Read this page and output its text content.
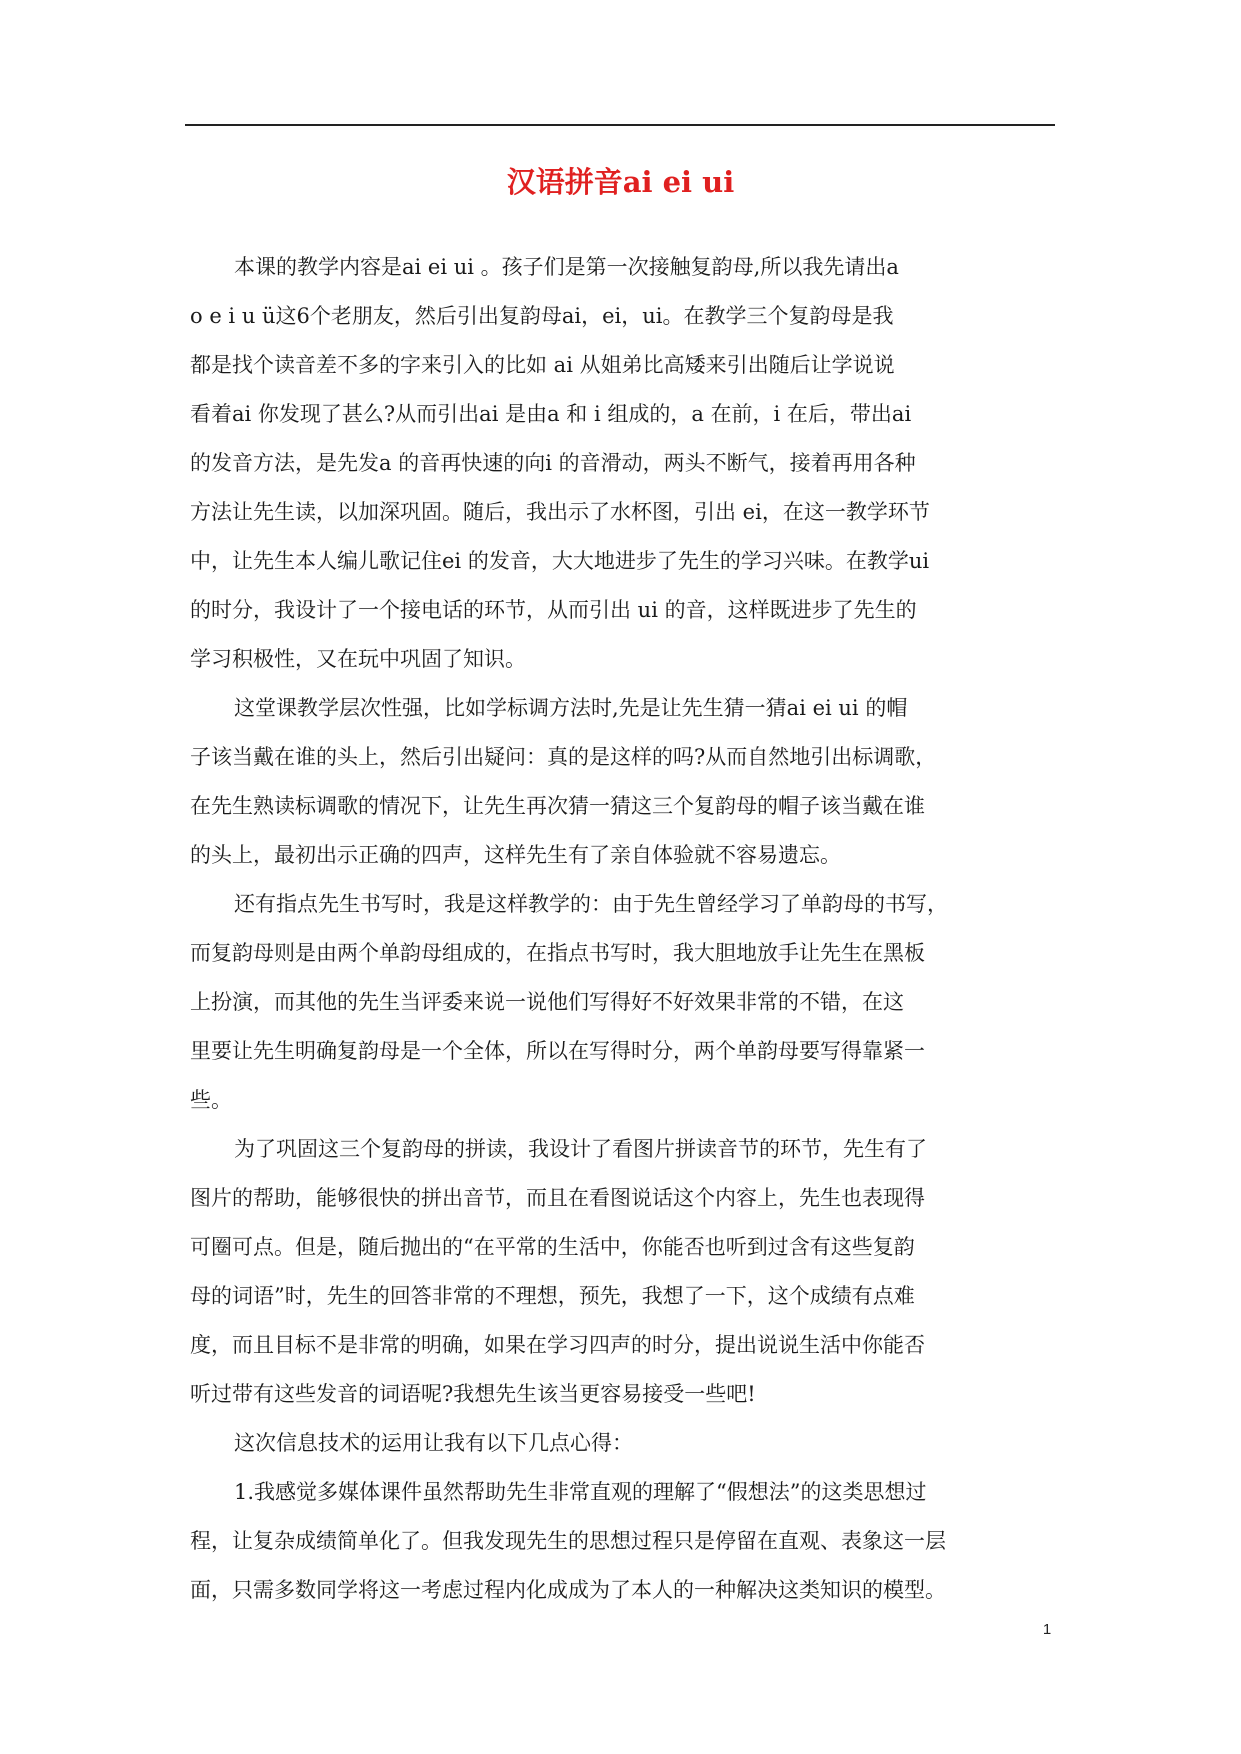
汉语拼音ai ei ui
本课的教学内容是ai ei ui 。孩子们是第一次接触复韵母,所以我先请出a
o e i u ü这6个老朋友，然后引出复韵母ai，ei，ui。在教学三个复韵母是我
都是找个读音差不多的字来引入的比如 ai 从姐弟比高矮来引出随后让学说说
看着ai 你发现了甚么?从而引出ai 是由a 和 i 组成的，a 在前，i 在后，带出ai
的发音方法，是先发a 的音再快速的向i 的音滑动，两头不断气，接着再用各种
方法让先生读，以加深巩固。随后，我出示了水杯图，引出 ei，在这一教学环节
中，让先生本人编儿歌记住ei 的发音，大大地进步了先生的学习兴味。在教学ui
的时分，我设计了一个接电话的环节，从而引出 ui 的音，这样既进步了先生的
学习积极性，又在玩中巩固了知识。
这堂课教学层次性强，比如学标调方法时,先是让先生猜一猜ai ei ui 的帽
子该当戴在谁的头上，然后引出疑问：真的是这样的吗?从而自然地引出标调歌，
在先生熟读标调歌的情况下，让先生再次猜一猜这三个复韵母的帽子该当戴在谁
的头上，最初出示正确的四声，这样先生有了亲自体验就不容易遗忘。
还有指点先生书写时，我是这样教学的：由于先生曾经学习了单韵母的书写，
而复韵母则是由两个单韵母组成的，在指点书写时，我大胆地放手让先生在黑板
上扮演，而其他的先生当评委来说一说他们写得好不好效果非常的不错，在这
里要让先生明确复韵母是一个全体，所以在写得时分，两个单韵母要写得靠紧一
些。
为了巩固这三个复韵母的拼读，我设计了看图片拼读音节的环节，先生有了
图片的帮助，能够很快的拼出音节，而且在看图说话这个内容上，先生也表现得
可圈可点。但是，随后抛出的“在平常的生活中，你能否也听到过含有这些复韵
母的词语”时，先生的回答非常的不理想，预先，我想了一下，这个成绩有点难
度，而且目标不是非常的明确，如果在学习四声的时分，提出说说生活中你能否
听过带有这些发音的词语呢?我想先生该当更容易接受一些吧!
这次信息技术的运用让我有以下几点心得：
1.我感觉多媒体课件虽然帮助先生非常直观的理解了“假想法”的这类思想过
程，让复杂成绩简单化了。但我发现先生的思想过程只是停留在直观、表象这一层
面，只需多数同学将这一考虑过程内化成成为了本人的一种解决这类知识的模型。
1
